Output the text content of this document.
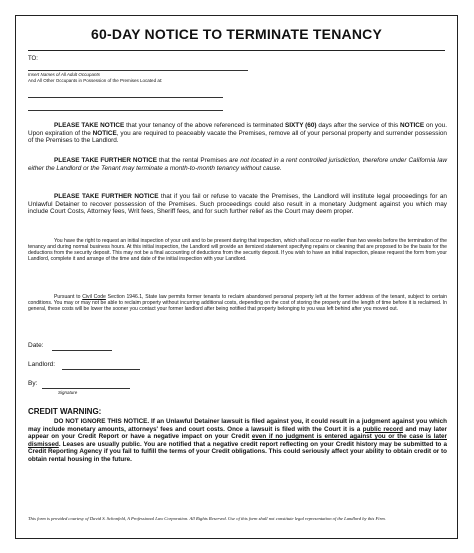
60-DAY NOTICE TO TERMINATE TENANCY
TO:
Insert Names of All Adult Occupants
And All Other Occupants in Possession of the Premises Located at:
PLEASE TAKE NOTICE that your tenancy of the above referenced is terminated SIXTY (60) days after the service of this NOTICE on you. Upon expiration of the NOTICE, you are required to peaceably vacate the Premises, remove all of your personal property and surrender possession of the Premises to the Landlord.
PLEASE TAKE FURTHER NOTICE that the rental Premises are not located in a rent controlled jurisdiction, therefore under California law either the Landlord or the Tenant may terminate a month-to-month tenancy without cause.
PLEASE TAKE FURTHER NOTICE that if you fail or refuse to vacate the Premises, the Landlord will institute legal proceedings for an Unlawful Detainer to recover possession of the Premises. Such proceedings could also result in a monetary Judgment against you which may include Court Costs, Attorney fees, Writ fees, Sheriff fees, and for such further relief as the Court may deem proper.
You have the right to request an initial inspection of your unit and to be present during that inspection, which shall occur no earlier than two weeks before the termination of the tenancy and during normal business hours. At this initial inspection, the Landlord will provide an itemized statement specifying repairs or cleaning that are proposed to be the basis for the deductions from the security deposit. This may not be a final accounting of deductions from the security deposit. If you wish to have an initial inspection, please request the form from your Landlord, complete it and arrange of the time and date of the initial inspection with your Landlord.
Pursuant to Civil Code Section 1946.1, State law permits former tenants to reclaim abandoned personal property left at the former address of the tenant, subject to certain conditions. You may or may not be able to reclaim property without incurring additional costs, depending on the cost of storing the property and the length of time before it is reclaimed. In general, these costs will be lower the sooner you contact your former landlord after being notified that property belonging to you was left behind after you moved out.
Date:
Landlord:
By:
Signature
CREDIT WARNING:
DO NOT IGNORE THIS NOTICE. If an Unlawful Detainer lawsuit is filed against you, it could result in a judgment against you which may include monetary amounts, attorneys' fees and court costs. Once a lawsuit is filed with the Court it is a public record and may later appear on your Credit Report or have a negative impact on your Credit even if no judgment is entered against you or the case is later dismissed. Leases are usually public. You are notified that a negative credit report reflecting on your Credit history may be submitted to a Credit Reporting Agency if you fail to fulfill the terms of your Credit obligations. This could seriously affect your ability to obtain credit or to obtain rental housing in the future.
This form is provided courtesy of David S. Schonfeld, A Professional Law Corporation. All Rights Reserved. Use of this form shall not constitute legal representation of the Landlord by this Firm.
